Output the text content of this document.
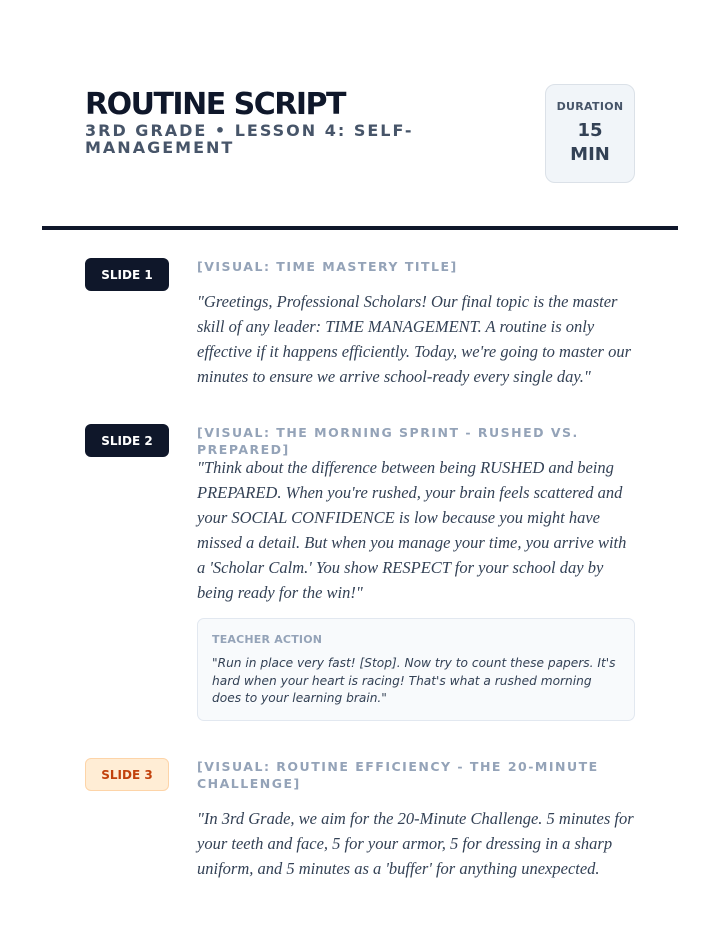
ROUTINE SCRIPT
3RD GRADE • LESSON 4: SELF-MANAGEMENT
DURATION
15 MIN
SLIDE 1
[VISUAL: TIME MASTERY TITLE]
"Greetings, Professional Scholars! Our final topic is the master skill of any leader: TIME MANAGEMENT. A routine is only effective if it happens efficiently. Today, we're going to master our minutes to ensure we arrive school-ready every single day."
SLIDE 2
[VISUAL: THE MORNING SPRINT - RUSHED VS. PREPARED]
"Think about the difference between being RUSHED and being PREPARED. When you're rushed, your brain feels scattered and your SOCIAL CONFIDENCE is low because you might have missed a detail. But when you manage your time, you arrive with a 'Scholar Calm.' You show RESPECT for your school day by being ready for the win!"
TEACHER ACTION
"Run in place very fast! [Stop]. Now try to count these papers. It's hard when your heart is racing! That's what a rushed morning does to your learning brain."
SLIDE 3
[VISUAL: ROUTINE EFFICIENCY - THE 20-MINUTE CHALLENGE]
"In 3rd Grade, we aim for the 20-Minute Challenge. 5 minutes for your teeth and face, 5 for your armor, 5 for dressing in a sharp uniform, and 5 minutes as a 'buffer' for anything unexpected.
